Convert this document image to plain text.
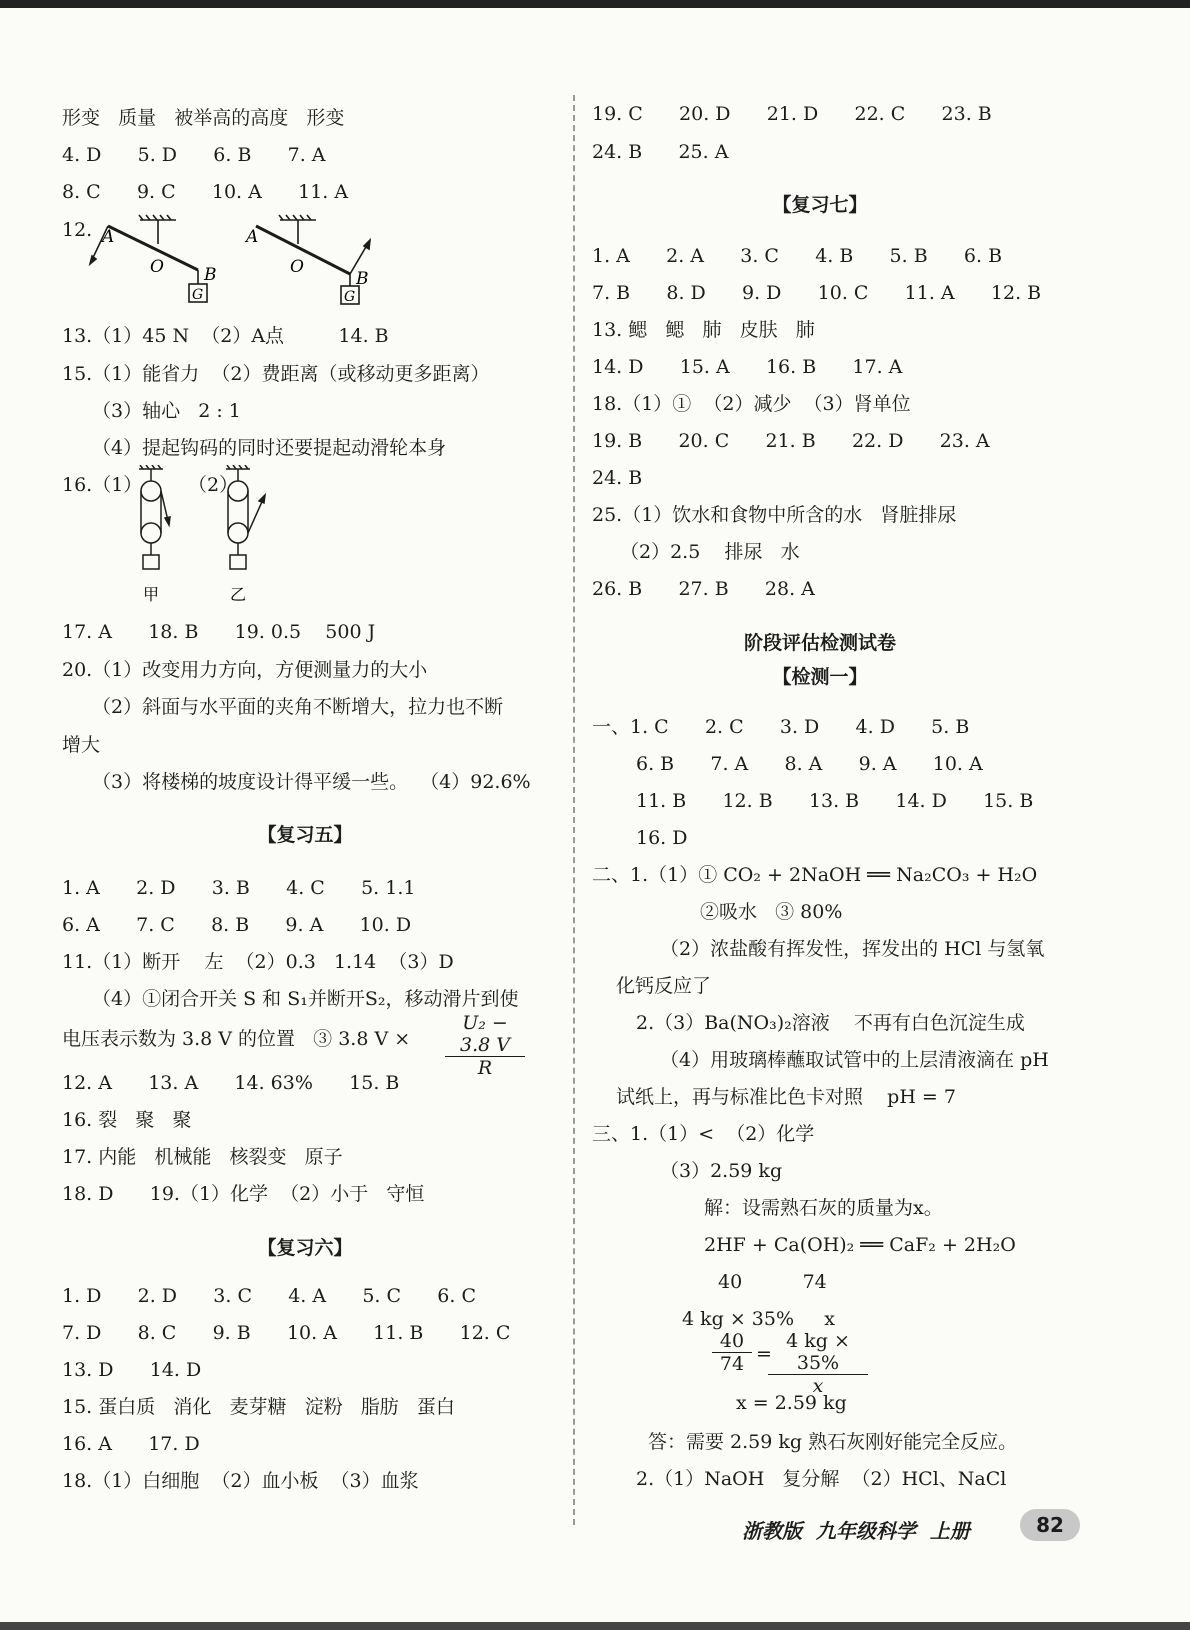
形变   质量   被举高的高度   形变
4. D      5. D      6. B      7. A
8. C      9. C      10. A      11. A
12. A
O B
G
A
O
B
G
13.（1）45 N  （2）A点         14. B
15.（1）能省力  （2）费距离（或移动更多距离）
（3）轴心   2 : 1
（4）提起钩码的同时还要提起动滑轮本身
16.（1） （2）
甲	乙
17. A      18. B      19. 0.5    500 J
20.（1）改变用力方向，方便测量力的大小
（2）斜面与水平面的夹角不断增大，拉力也不断
增大
（3）将楼梯的坡度设计得平缓一些。  （4）92.6%
【复习五】
1. A      2. D      3. B      4. C      5. 1.1
6. A      7. C      8. B      9. A      10. D
11.（1）断开    左  （2）0.3   1.14  （3）D
（4）①闭合开关 S 和 S₁并断开S₂，移动滑片到使
电压表示数为 3.8 V 的位置   ③ 3.8 $V \times \frac{\text{U₂ − 3.8 V}}{R}$
12. A      13. A      14. 63%      15. B
16. 裂   聚   聚
17. 内能   机械能   核裂变   原子
18. D      19.（1）化学  （2）小于   守恒
【复习六】
1. D      2. D      3. C      4. A      5. C      6. C
7. D      8. C      9. B      10. A      11. B      12. C
13. D      14. D
15. 蛋白质   消化   麦芽糖   淀粉   脂肪   蛋白
16. A      17. D
18.（1）白细胞  （2）血小板  （3）血浆
19. C      20. D      21. D      22. C      23. B
24. B      25. A
【复习七】
1. A      2. A      3. C      4. B      5. B      6. B
7. B      8. D      9. D      10. C      11. A      12. B
13. 鳃   鳃   肺   皮肤   肺
14. D      15. A      16. B      17. A
18.（1）①  （2）减少  （3）肾单位
19. B      20. C      21. B      22. D      23. A
24. B
25.（1）饮水和食物中所含的水   肾脏排尿
（2）2.5    排尿   水
26. B      27. B      28. A
阶段评估检测试卷
【检测一】
一、1. C      2. C      3. D      4. D      5. B
6. B      7. A      8. A      9. A      10. A
11. B      12. B      13. B      14. D      15. B
16. D
二、1.（1）① CO₂ + 2NaOH ══ Na₂CO₃ + H₂O
②吸水   ③ 80%
（2）浓盐酸有挥发性，挥发出的 HCl 与氢氧
化钙反应了
2.（3）Ba(NO₃)₂溶液    不再有白色沉淀生成
（4）用玻璃棒蘸取试管中的上层清液滴在 pH
试纸上，再与标准比色卡对照    pH = 7
三、1.（1）<  （2）化学
（3）2.59 kg
解：设需熟石灰的质量为x。
2HF + Ca(OH)₂ ══ CaF₂ + 2H₂O
40          74
4 kg × 35%     x
$\frac{40}{74}$ =
$\frac{4 kg \times 35\%}{x}$
x = 2.59 kg
答：需要 2.59 kg 熟石灰刚好能完全反应。
2.（1）NaOH   复分解  （2）HCl、NaCl
浙教版  九年级科学  上册	82
